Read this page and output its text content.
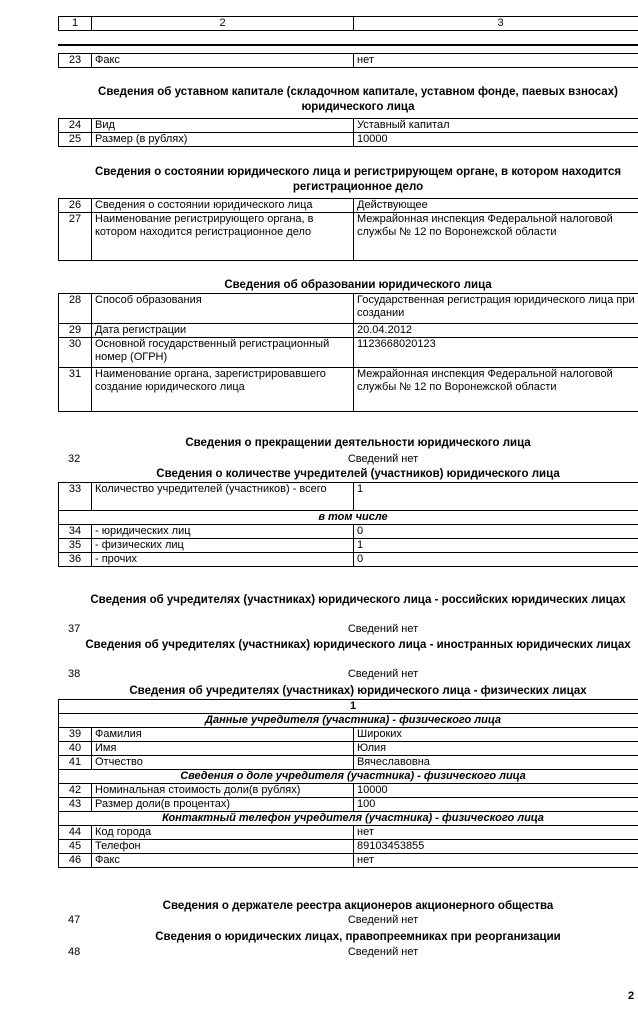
1	2	3
23	Факс	нет
Сведения об уставном капитале (складочном капитале, уставном фонде, паевых взносах)
юридического лица
24	Вид	Уставный капитал
25	Размер (в рублях)	10000
Сведения о состоянии юридического лица и регистрирующем органе, в котором находится
регистрационное дело
26	Сведения о состоянии юридического лица	Действующее
27	Наименование регистрирующего органа, в котором находится регистрационное дело	Межрайонная инспекция Федеральной налоговой службы № 12 по Воронежской области
Сведения об образовании юридического лица
28	Способ образования	Государственная регистрация юридического лица при создании
29	Дата регистрации	20.04.2012
30	Основной государственный регистрационный номер (ОГРН)	1123668020123
31	Наименование органа, зарегистрировавшего создание юридического лица	Межрайонная инспекция Федеральной налоговой службы № 12 по Воронежской области
Сведения о прекращении деятельности юридического лица
32	Сведений нет
Сведения о количестве учредителей (участников) юридического лица
33	Количество учредителей (участников) - всего	1
в том числе		
34	- юридических лиц	0
35	- физических лиц	1
36	- прочих	0
Сведения об учредителях (участниках) юридического лица - российских юридических лицах
37	Сведений нет
Сведения об учредителях (участниках) юридического лица - иностранных юридических лицах
38	Сведений нет
Сведения об учредителях (участниках) юридического лица - физических лицах
1		
Данные учредителя (участника) - физического лица		
39	Фамилия	Широких
40	Имя	Юлия
41	Отчество	Вячеславовна
Сведения о доле учредителя (участника) - физического лица		
42	Номинальная стоимость доли(в рублях)	10000
43	Размер доли(в процентах)	100
Контактный телефон учредителя (участника) - физического лица		
44	Код города	нет
45	Телефон	89103453855
46	Факс	нет
Сведения о держателе реестра акционеров акционерного общества
47	Сведений нет
Сведения о юридических лицах, правопреемниках при реорганизации
48	Сведений нет
2
